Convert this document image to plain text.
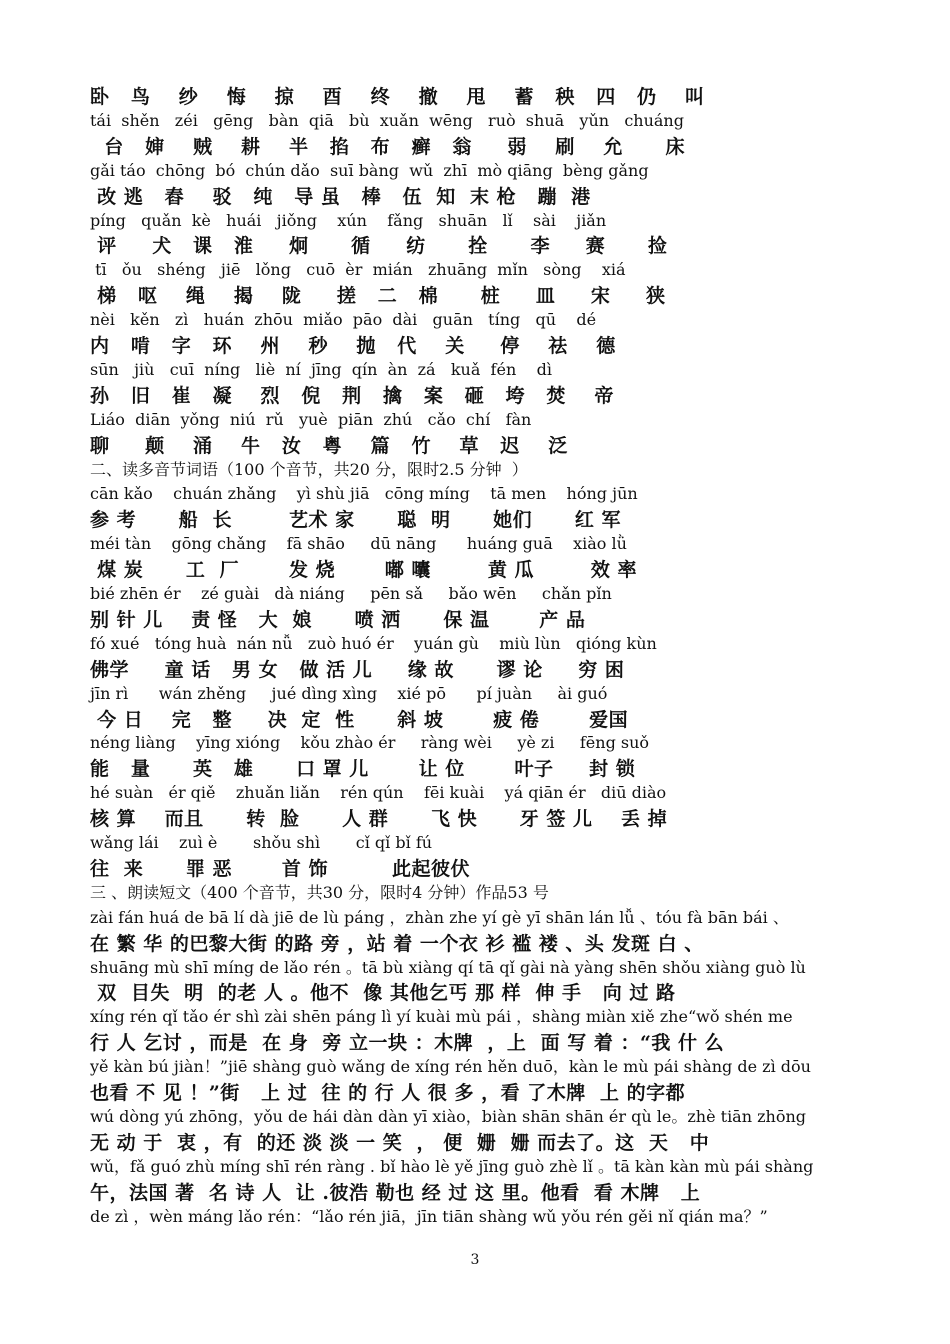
卧   鸟    纱    悔    掠    酉    终    撤    甩    蓄   秧   四   仍    叫
tái  shěn   zéi   gēng   bàn  qiā   bù  xuǎn  wēng   ruò  shuā   yǔn   chuáng
台   婶    贼    耕    半   掐   布   癣   翁     弱    刷    允      床
gǎi táo  chōng  bó  chún dǎo  suī bàng  wǔ  zhī  mò qiāng  bèng gǎng
改 逃   舂    驳   纯   导 虽   棒   伍  知  末 枪   蹦  港
píng   quǎn  kè   huái   jiǒng    xún    fǎng   shuān   lǐ    sài    jiǎn
评     犬   课   淮     炯      循     纺      拴      李     赛      捡
tī   ǒu   shéng   jiē   lǒng   cuō  èr  mián   zhuāng  mǐn   sòng    xiá
梯   呕    绳    揭    陇     搓   二   棉      桩     皿     宋     狭
nèi   kěn   zì   huán  zhōu  miǎo  pāo  dài   guān   tíng   qū    dé
内   啃   字   环    州    秒    抛   代    关     停    祛    德
sūn   jiù   cuī  níng   liè  ní  jīng  qín  àn  zá   kuǎ  fén    dì
孙   旧   崔   凝    烈   倪   荆   擒   案   砸   垮   焚    帝
Liáo  diān  yǒng  niú  rǔ   yuè  piān  zhú   cǎo  chí   fàn
聊     颠    涌    牛   汝   粤    篇   竹    草   迟    泛
二、读多音节词语（100 个音节，共20 分，限时2.5 分钟  ）
cān kǎo    chuán zhǎng    yì shù jiā   cōng míng    tā men    hóng jūn
参 考      船  长        艺术 家      聪  明      她们      红 军
méi tàn    gōng chǎng    fā shāo     dū nāng      huáng guā    xiào lǜ
煤 炭      工  厂       发 烧       嘟 囔        黄 瓜        效 率
bié zhēn ér    zé guài   dà niáng     pēn sǎ     bǎo wēn     chǎn pǐn
别 针 儿    责 怪   大  娘      喷 洒      保 温       产 品
fó xué   tóng huà  nán nǚ   zuò huó ér    yuán gù    miù lùn   qióng kùn
佛学     童 话   男 女   做 活 儿     缘 故      谬 论     穷 困
jīn rì      wán zhěng     jué dìng xìng    xié pō      pí juàn     ài guó
今 日    完   整     决  定  性      斜 坡       疲 倦       爱国
néng liàng    yīng xióng    kǒu zhào ér     ràng wèi     yè zi     fēng suǒ
能   量      英   雄      口 罩 儿       让 位       叶子     封 锁
hé suàn   ér qiě    zhuǎn liǎn    rén qún    fēi kuài    yá qiān ér   diū diào
核 算    而且      转  脸      人 群      飞 快      牙 签 儿    丢 掉
wǎng lái    zuì è       shǒu shì       cǐ qǐ bǐ fú
往  来      罪 恶       首 饰         此起彼伏
三 、朗读短文（400 个音节，共30 分，限时4 分钟）作品53 号
zài fán huá de bā lí dà jiē de lù páng ，zhàn zhe yí gè yī shān lán lǚ 、tóu fà bān bái 、
在 繁 华 的巴黎大街 的路 旁 ，站 着 一个衣 衫 褴 褛 、头 发斑 白 、
shuāng mù shī míng de lǎo rén 。tā bù xiàng qí tā qǐ gài nà yàng shēn shǒu xiàng guò lù
双  目失  明  的老 人 。他不  像 其他乞丐 那 样  伸 手   向 过 路
xíng rén qǐ tǎo ér shì zài shēn páng lì yí kuài mù pái ，shàng miàn xiě zhe“wǒ shén me
行 人 乞讨 ，而是  在 身  旁 立一块 ：木牌  ，上  面 写 着 ：“我 什 么
yě kàn bú jiàn！”jiē shàng guò wǎng de xíng rén hěn duō，kàn le mù pái shàng de zì dōu
也看 不 见 ！”街   上 过  往 的 行 人 很 多 ，看 了木牌  上 的字都
wú dòng yú zhōng，yǒu de hái dàn dàn yī xiào，biàn shān shān ér qù le。zhè tiān zhōng
无 动 于  衷 ，有  的还 淡 淡 一 笑  ， 便  姗  姗 而去了。这  天   中
wǔ，fǎ guó zhù míng shī rén ràng . bǐ hào lè yě jīng guò zhè lǐ 。tā kàn kàn mù pái shàng
午，法国 著  名 诗 人  让 .彼浩 勒也 经 过 这 里。他看  看 木牌   上
de zì ，wèn máng lǎo rén：“lǎo rén jiā，jīn tiān shàng wǔ yǒu rén gěi nǐ qián ma？”
3
